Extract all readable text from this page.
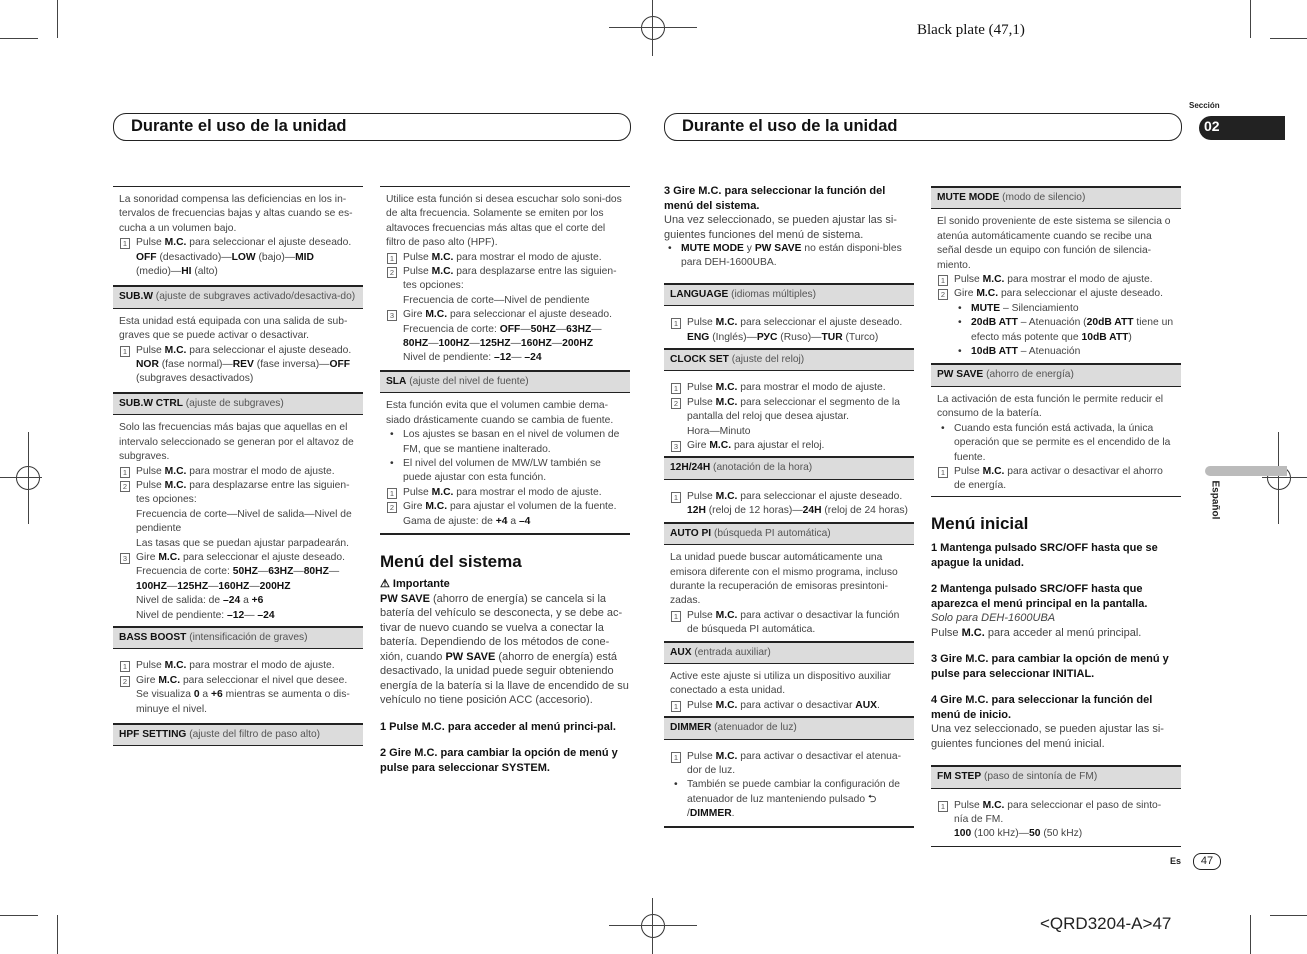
Black plate (47,1)
<QRD3204-A>47
Durante el uso de la unidad	Durante el uso de la unidad
Sección
02
Español
Es	47

La sonoridad compensa las deficiencias en los in-tervalos de frecuencias bajas y altas cuando se es-cucha a un volumen bajo.

1 Pulse M.C. para seleccionar el ajuste deseado.
OFF (desactivado)—LOW (bajo)—MID
(medio)—HI (alto)
SUB.W (ajuste de subgraves activado/desactiva-do)

Esta unidad está equipada con una salida de sub-graves que se puede activar o desactivar.

1 Pulse M.C. para seleccionar el ajuste deseado.
NOR (fase normal)—REV (fase inversa)—OFF
(subgraves desactivados)
SUB.W CTRL (ajuste de subgraves)

Solo las frecuencias más bajas que aquellas en el intervalo seleccionado se generan por el altavoz de subgraves.

1 Pulse M.C. para mostrar el modo de ajuste.
2 Pulse M.C. para desplazarse entre las siguien-tes opciones:
Frecuencia de corte—Nivel de salida—Nivel de pendiente
Las tasas que se puedan ajustar parpadearán.
3 Gire M.C. para seleccionar el ajuste deseado.
Frecuencia de corte: 50HZ—63HZ—80HZ—
100HZ—125HZ—160HZ—200HZ
Nivel de salida: de –24 a +6
Nivel de pendiente: –12— –24
BASS BOOST (intensificación de graves)
1 Pulse M.C. para mostrar el modo de ajuste.
2 Gire M.C. para seleccionar el nivel que desee.
Se visualiza 0 a +6 mientras se aumenta o dis-minuye el nivel.
HPF SETTING (ajuste del filtro de paso alto)

Utilice esta función si desea escuchar solo soni-dos de alta frecuencia. Solamente se emiten por los altavoces frecuencias más altas que el corte del filtro de paso alto (HPF).

1 Pulse M.C. para mostrar el modo de ajuste.
2 Pulse M.C. para desplazarse entre las siguien-tes opciones:
Frecuencia de corte—Nivel de pendiente
3 Gire M.C. para seleccionar el ajuste deseado.
Frecuencia de corte: OFF—50HZ—63HZ—
80HZ—100HZ—125HZ—160HZ—200HZ
Nivel de pendiente: –12— –24
SLA (ajuste del nivel de fuente)

Esta función evita que el volumen cambie dema-siado drásticamente cuando se cambia de fuente.

• Los ajustes se basan en el nivel de volumen de FM, que se mantiene inalterado.
• El nivel del volumen de MW/LW también se puede ajustar con esta función.
1 Pulse M.C. para mostrar el modo de ajuste.
2 Gire M.C. para ajustar el volumen de la fuente.
Gama de ajuste: de +4 a –4

Menú del sistema

⚠ Importante

PW SAVE (ahorro de energía) se cancela si la batería del vehículo se desconecta, y se debe ac-tivar de nuevo cuando se vuelva a conectar la batería. Dependiendo de los métodos de cone-xión, cuando PW SAVE (ahorro de energía) está desactivado, la unidad puede seguir obteniendo energía de la batería si la llave de encendido de su vehículo no tiene posición ACC (accesorio).

1 Pulse M.C. para acceder al menú princi-pal.

2 Gire M.C. para cambiar la opción de menú y pulse para seleccionar SYSTEM.

3 Gire M.C. para seleccionar la función del menú del sistema.

Una vez seleccionado, se pueden ajustar las si-guientes funciones del menú de sistema.

• MUTE MODE y PW SAVE no están disponi-bles para DEH-1600UBA.
LANGUAGE (idiomas múltiples)
1 Pulse M.C. para seleccionar el ajuste deseado.
ENG (Inglés)—РУС (Ruso)—TUR (Turco)
CLOCK SET (ajuste del reloj)
1 Pulse M.C. para mostrar el modo de ajuste.
2 Pulse M.C. para seleccionar el segmento de la pantalla del reloj que desea ajustar.
Hora—Minuto
3 Gire M.C. para ajustar el reloj.
12H/24H (anotación de la hora)
1 Pulse M.C. para seleccionar el ajuste deseado.
12H (reloj de 12 horas)—24H (reloj de 24 horas)
AUTO PI (búsqueda PI automática)

La unidad puede buscar automáticamente una emisora diferente con el mismo programa, incluso durante la recuperación de emisoras presintoni-zadas.

1 Pulse M.C. para activar o desactivar la función de búsqueda PI automática.
AUX (entrada auxiliar)

Active este ajuste si utiliza un dispositivo auxiliar conectado a esta unidad.

1 Pulse M.C. para activar o desactivar AUX.
DIMMER (atenuador de luz)
1 Pulse M.C. para activar o desactivar el atenua-dor de luz.
• También se puede cambiar la configuración de atenuador de luz manteniendo pulsado ⮌
/DIMMER.
MUTE MODE (modo de silencio)

El sonido proveniente de este sistema se silencia o atenúa automáticamente cuando se recibe una señal desde un equipo con función de silencia-miento.

1 Pulse M.C. para mostrar el modo de ajuste.
2 Gire M.C. para seleccionar el ajuste deseado.
• MUTE – Silenciamiento
• 20dB ATT – Atenuación (20dB ATT tiene un efecto más potente que 10dB ATT)
• 10dB ATT – Atenuación
PW SAVE (ahorro de energía)

La activación de esta función le permite reducir el consumo de la batería.

• Cuando esta función está activada, la única operación que se permite es el encendido de la fuente.
1 Pulse M.C. para activar o desactivar el ahorro de energía.

Menú inicial

1 Mantenga pulsado SRC/OFF hasta que se apague la unidad.

2 Mantenga pulsado SRC/OFF hasta que aparezca el menú principal en la pantalla.

Solo para DEH-1600UBA

Pulse M.C. para acceder al menú principal.

3 Gire M.C. para cambiar la opción de menú y pulse para seleccionar INITIAL.

4 Gire M.C. para seleccionar la función del menú de inicio.

Una vez seleccionado, se pueden ajustar las si-guientes funciones del menú inicial.

FM STEP (paso de sintonía de FM)
1 Pulse M.C. para seleccionar el paso de sinto-nía de FM.
100 (100 kHz)—50 (50 kHz)
